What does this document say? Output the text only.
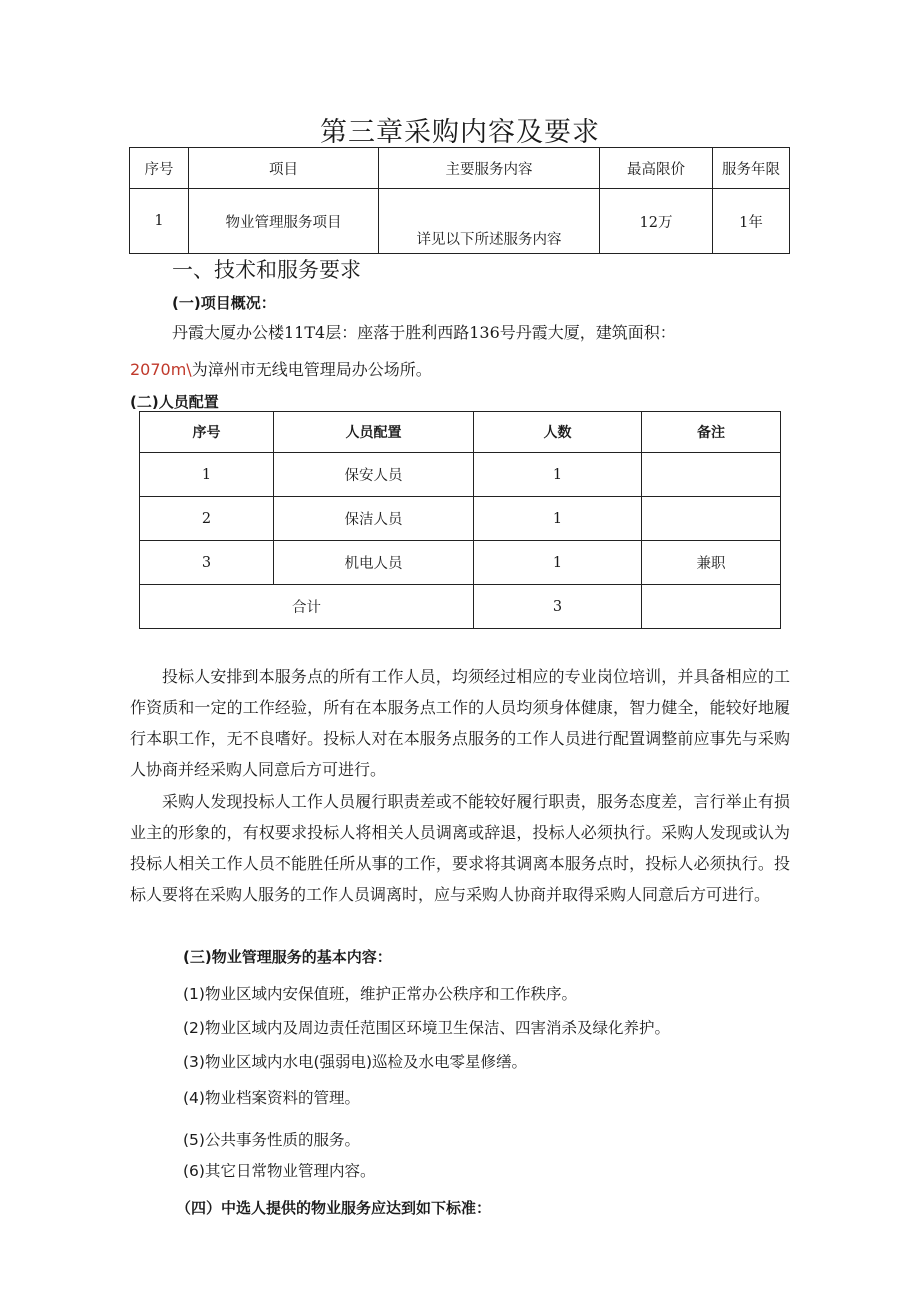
第三章采购内容及要求
序号	项目	主要服务内容	最高限价	服务年限
1	物业管理服务项目	详见以下所述服务内容	12万	1年
一、技术和服务要求
(一)项目概况：
丹霞大厦办公楼11T4层：座落于胜利西路136号丹霞大厦，建筑面积：
2070m\为漳州市无线电管理局办公场所。
(二)人员配置
序号	人员配置	人数	备注
1	保安人员	1	
2	保洁人员	1	
3	机电人员	1	兼职
合计		3	
投标人安排到本服务点的所有工作人员，均须经过相应的专业岗位培训，并具备相应的工作资质和一定的工作经验，所有在本服务点工作的人员均须身体健康，智力健全，能较好地履行本职工作，无不良嗜好。投标人对在本服务点服务的工作人员进行配置调整前应事先与采购人协商并经采购人同意后方可进行。
采购人发现投标人工作人员履行职责差或不能较好履行职责，服务态度差，言行举止有损业主的形象的，有权要求投标人将相关人员调离或辞退，投标人必须执行。采购人发现或认为投标人相关工作人员不能胜任所从事的工作，要求将其调离本服务点时，投标人必须执行。投标人要将在采购人服务的工作人员调离时，应与采购人协商并取得采购人同意后方可进行。
(三)物业管理服务的基本内容：
(1)物业区域内安保值班，维护正常办公秩序和工作秩序。
(2)物业区域内及周边责任范围区环境卫生保洁、四害消杀及绿化养护。
(3)物业区域内水电(强弱电)巡检及水电零星修缮。
(4)物业档案资料的管理。
(5)公共事务性质的服务。
(6)其它日常物业管理内容。
（四）中选人提供的物业服务应达到如下标准：
